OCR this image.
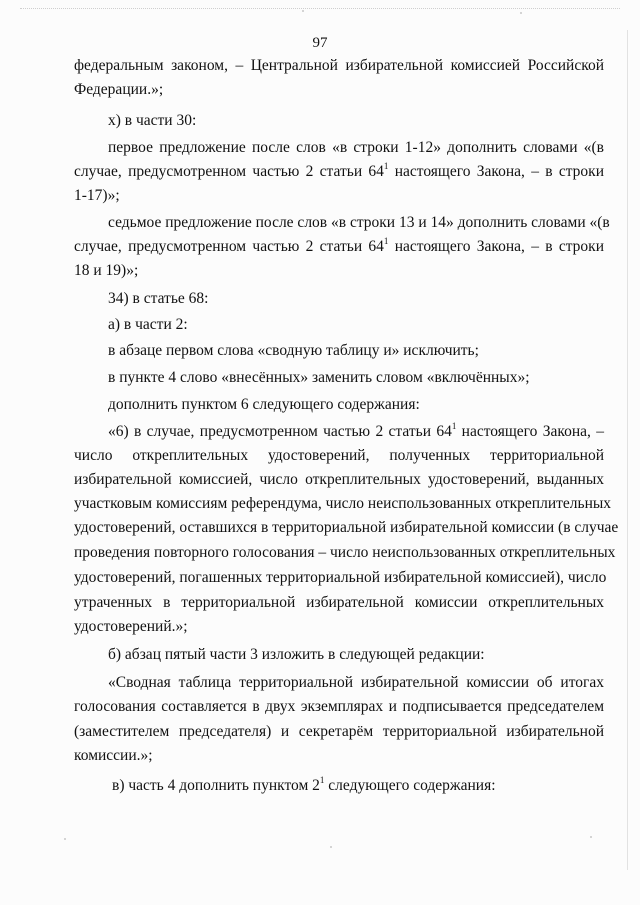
97
федеральным законом, – Центральной избирательной комиссией Российской
Федерации.»;
х) в части 30:
первое предложение после слов «в строки 1-12» дополнить словами «(в
случае, предусмотренном частью 2 статьи $64^1$ настоящего Закона, – в строки
1-17)»;
седьмое предложение после слов «в строки 13 и 14» дополнить словами «(в
случае, предусмотренном частью 2 статьи $64^1$ настоящего Закона, – в строки
18 и 19)»;
34) в статье 68:
а) в части 2:
в абзаце первом слова «сводную таблицу и» исключить;
в пункте 4 слово «внесённых» заменить словом «включённых»;
дополнить пунктом 6 следующего содержания:
«6) в случае, предусмотренном частью 2 статьи $64^1$ настоящего Закона, –
число откреплительных удостоверений, полученных территориальной
избирательной комиссией, число откреплительных удостоверений, выданных
участковым комиссиям референдума, число неиспользованных откреплительных
удостоверений, оставшихся в территориальной избирательной комиссии (в случае
проведения повторного голосования – число неиспользованных откреплительных
удостоверений, погашенных территориальной избирательной комиссией), число
утраченных в территориальной избирательной комиссии откреплительных
удостоверений.»;
б) абзац пятый части 3 изложить в следующей редакции:
«Сводная таблица территориальной избирательной комиссии об итогах
голосования составляется в двух экземплярах и подписывается председателем
(заместителем председателя) и секретарём территориальной избирательной
комиссии.»;
в) часть 4 дополнить пунктом $2^1$ следующего содержания:
